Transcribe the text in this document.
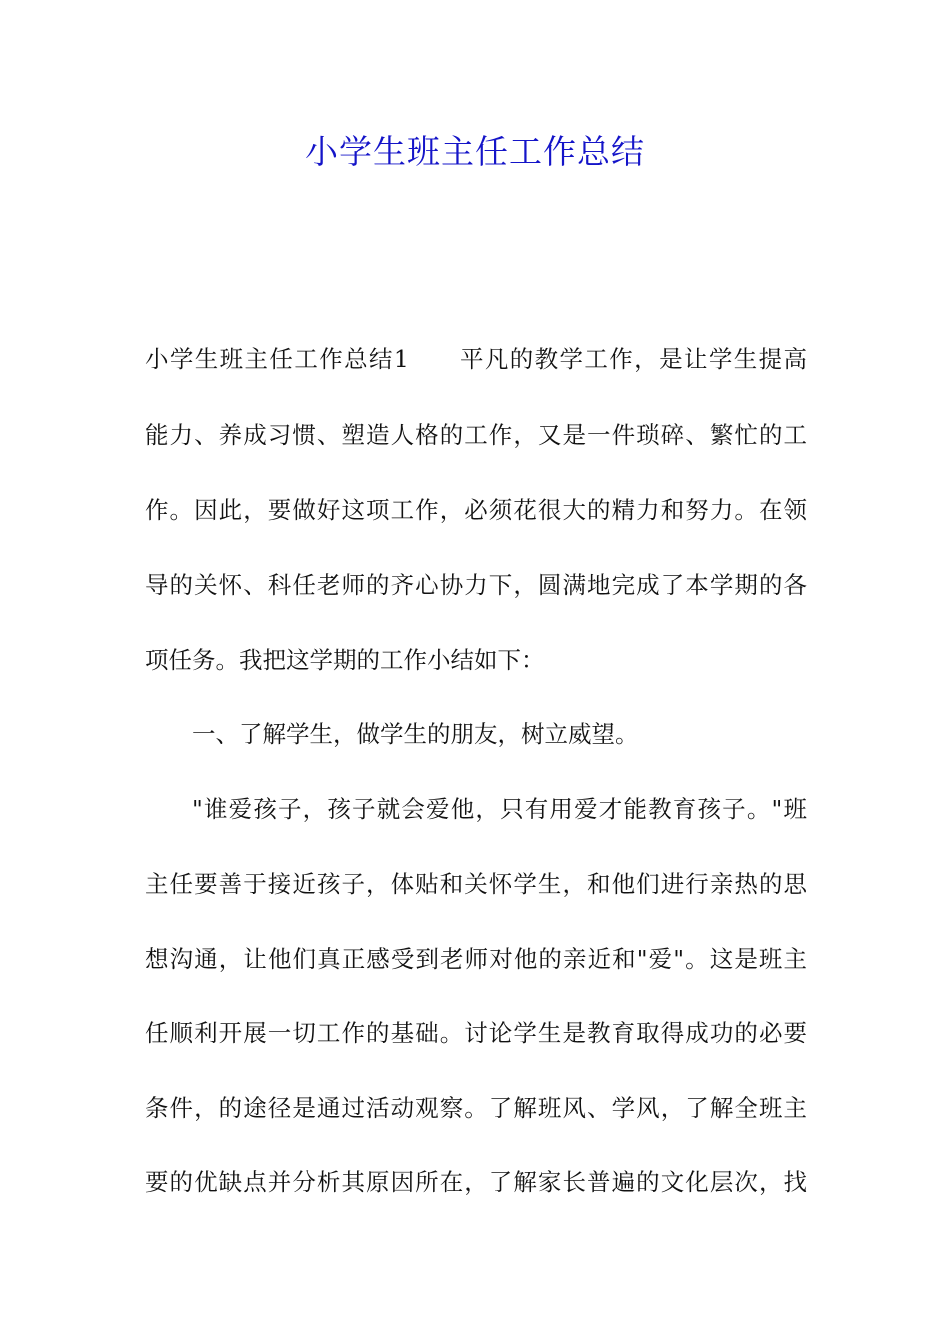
小学生班主任工作总结
小学生班主任工作总结1　　平凡的教学工作，是让学生提高
能力、养成习惯、塑造人格的工作，又是一件琐碎、繁忙的工
作。因此，要做好这项工作，必须花很大的精力和努力。在领
导的关怀、科任老师的齐心协力下，圆满地完成了本学期的各
项任务。我把这学期的工作小结如下：
一、了解学生，做学生的朋友，树立威望。
"谁爱孩子，孩子就会爱他，只有用爱才能教育孩子。"班
主任要善于接近孩子，体贴和关怀学生，和他们进行亲热的思
想沟通，让他们真正感受到老师对他的亲近和"爱"。这是班主
任顺利开展一切工作的基础。讨论学生是教育取得成功的必要
条件，的途径是通过活动观察。了解班风、学风，了解全班主
要的优缺点并分析其原因所在，了解家长普遍的文化层次，找
